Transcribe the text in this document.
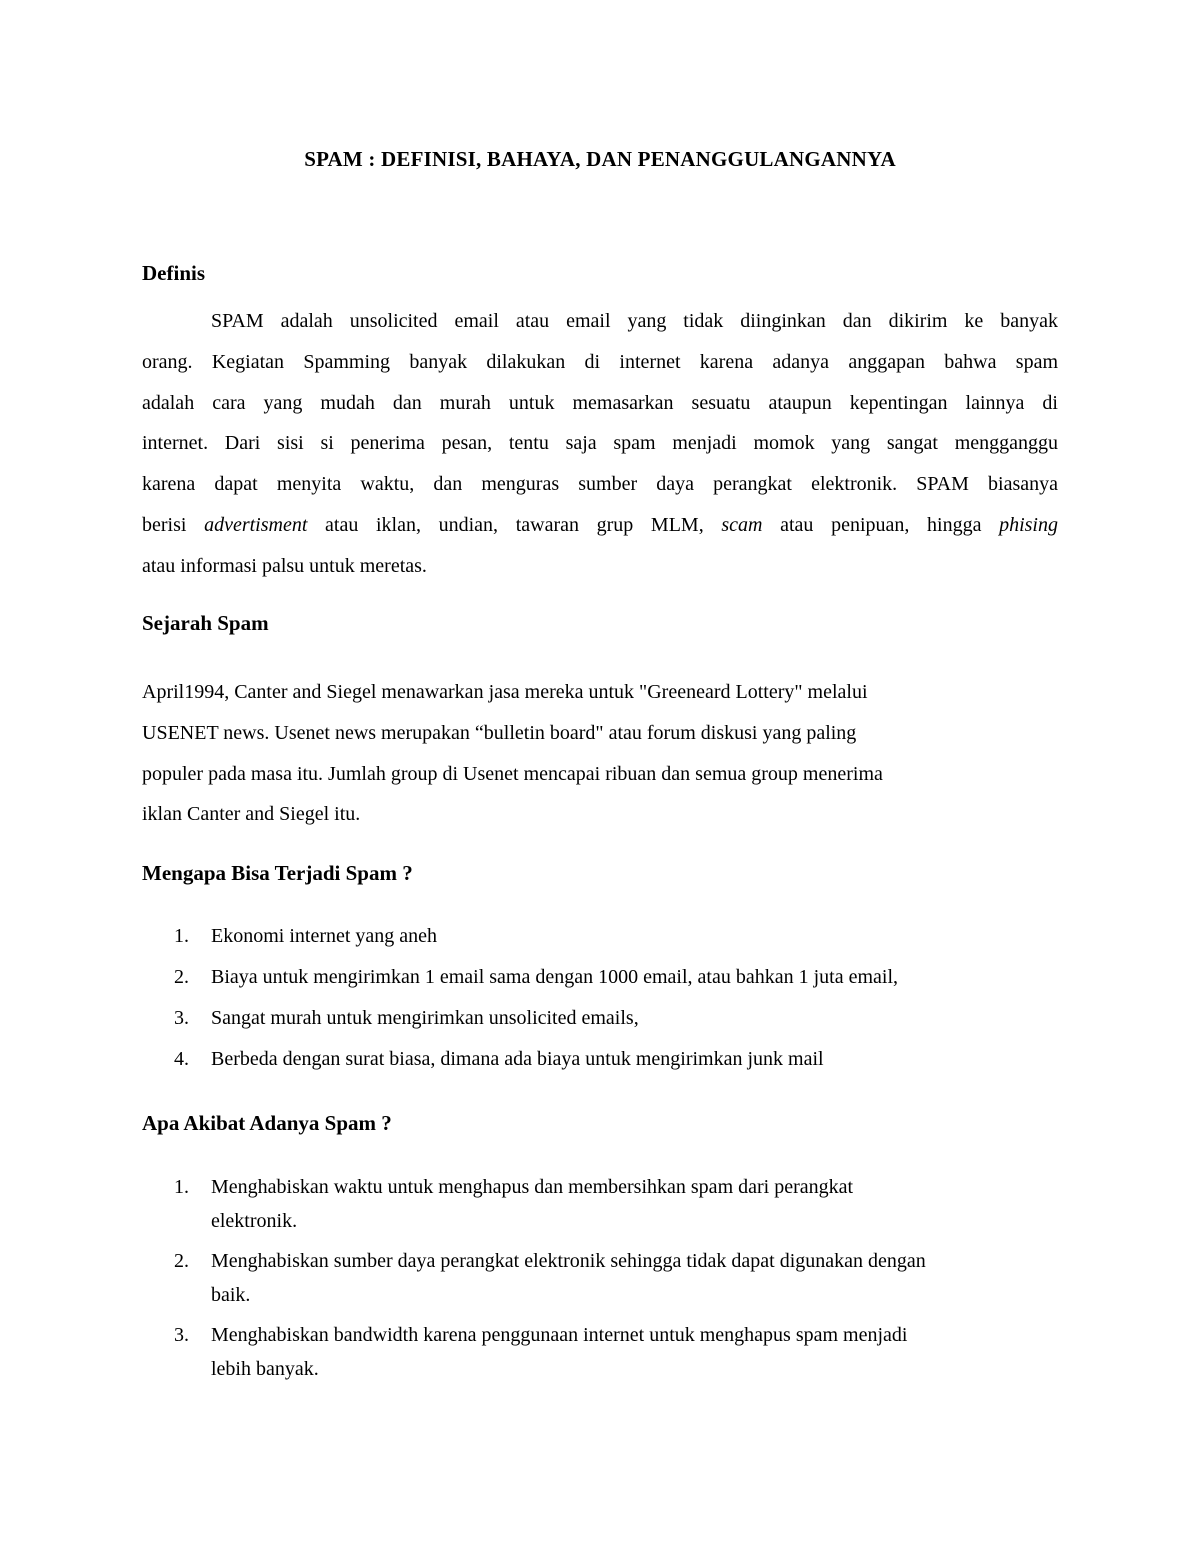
SPAM : DEFINISI, BAHAYA, DAN PENANGGULANGANNYA
Definis
SPAM adalah unsolicited email atau email yang tidak diinginkan dan dikirim ke banyak
orang. Kegiatan Spamming banyak dilakukan di internet karena adanya anggapan bahwa spam
adalah cara yang mudah dan murah untuk memasarkan sesuatu ataupun kepentingan lainnya di
internet. Dari sisi si penerima pesan, tentu saja spam menjadi momok yang sangat mengganggu
karena dapat menyita waktu, dan menguras sumber daya perangkat elektronik. SPAM biasanya
berisi advertisment atau iklan, undian, tawaran grup MLM, scam atau penipuan, hingga phising
atau informasi palsu untuk meretas.
Sejarah Spam
April1994, Canter and Siegel menawarkan jasa mereka untuk "Greeneard Lottery" melalui
USENET news. Usenet news merupakan “bulletin board" atau forum diskusi yang paling
populer pada masa itu. Jumlah group di Usenet mencapai ribuan dan semua group menerima
iklan Canter and Siegel itu.
Mengapa Bisa Terjadi Spam ?
1. Ekonomi internet yang aneh
2. Biaya untuk mengirimkan 1 email sama dengan 1000 email, atau bahkan 1 juta email,
3. Sangat murah untuk mengirimkan unsolicited emails,
4. Berbeda dengan surat biasa, dimana ada biaya untuk mengirimkan junk mail
Apa Akibat Adanya Spam ?
1. Menghabiskan waktu untuk menghapus dan membersihkan spam dari perangkat
elektronik.
2. Menghabiskan sumber daya perangkat elektronik sehingga tidak dapat digunakan dengan
baik.
3. Menghabiskan bandwidth karena penggunaan internet untuk menghapus spam menjadi
lebih banyak.
